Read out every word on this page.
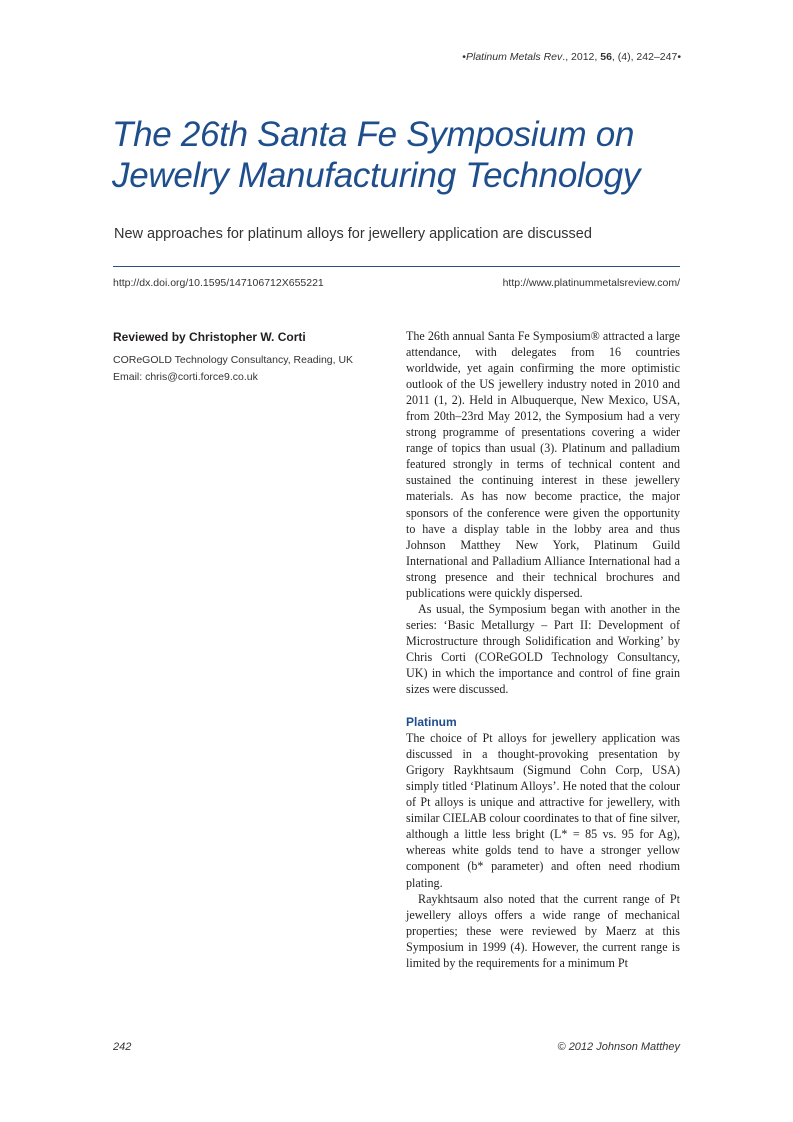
•Platinum Metals Rev., 2012, 56, (4), 242–247•
The 26th Santa Fe Symposium on
Jewelry Manufacturing Technology
New approaches for platinum alloys for jewellery application are discussed
http://dx.doi.org/10.1595/147106712X655221	http://www.platinummetalsreview.com/
Reviewed by Christopher W. Corti
COReGOLD Technology Consultancy, Reading, UK
Email: chris@corti.force9.co.uk

The 26th annual Santa Fe Symposium® attracted a large attendance, with delegates from 16 countries worldwide, yet again confirming the more optimistic outlook of the US jewellery industry noted in 2010 and 2011 (1, 2). Held in Albuquerque, New Mexico, USA, from 20th–23rd May 2012, the Symposium had a very strong programme of presentations covering a wider range of topics than usual (3). Platinum and palladium featured strongly in terms of technical content and sustained the continuing interest in these jewellery materials. As has now become practice, the major sponsors of the conference were given the opportunity to have a display table in the lobby area and thus Johnson Matthey New York, Platinum Guild International and Palladium Alliance International had a strong presence and their technical brochures and publications were quickly dispersed.

As usual, the Symposium began with another in the series: ‘Basic Metallurgy – Part II: Development of Microstructure through Solidification and Working’ by Chris Corti (COReGOLD Technology Consultancy, UK) in which the importance and control of fine grain sizes were discussed.

Platinum

The choice of Pt alloys for jewellery application was discussed in a thought-provoking presentation by Grigory Raykhtsaum (Sigmund Cohn Corp, USA) simply titled ‘Platinum Alloys’. He noted that the colour of Pt alloys is unique and attractive for jewellery, with similar CIELAB colour coordinates to that of fine silver, although a little less bright (L* = 85 vs. 95 for Ag), whereas white golds tend to have a stronger yellow component (b* parameter) and often need rhodium plating.

Raykhtsaum also noted that the current range of Pt jewellery alloys offers a wide range of mechanical properties; these were reviewed by Maerz at this Symposium in 1999 (4). However, the current range is limited by the requirements for a minimum Pt

242	© 2012 Johnson Matthey
